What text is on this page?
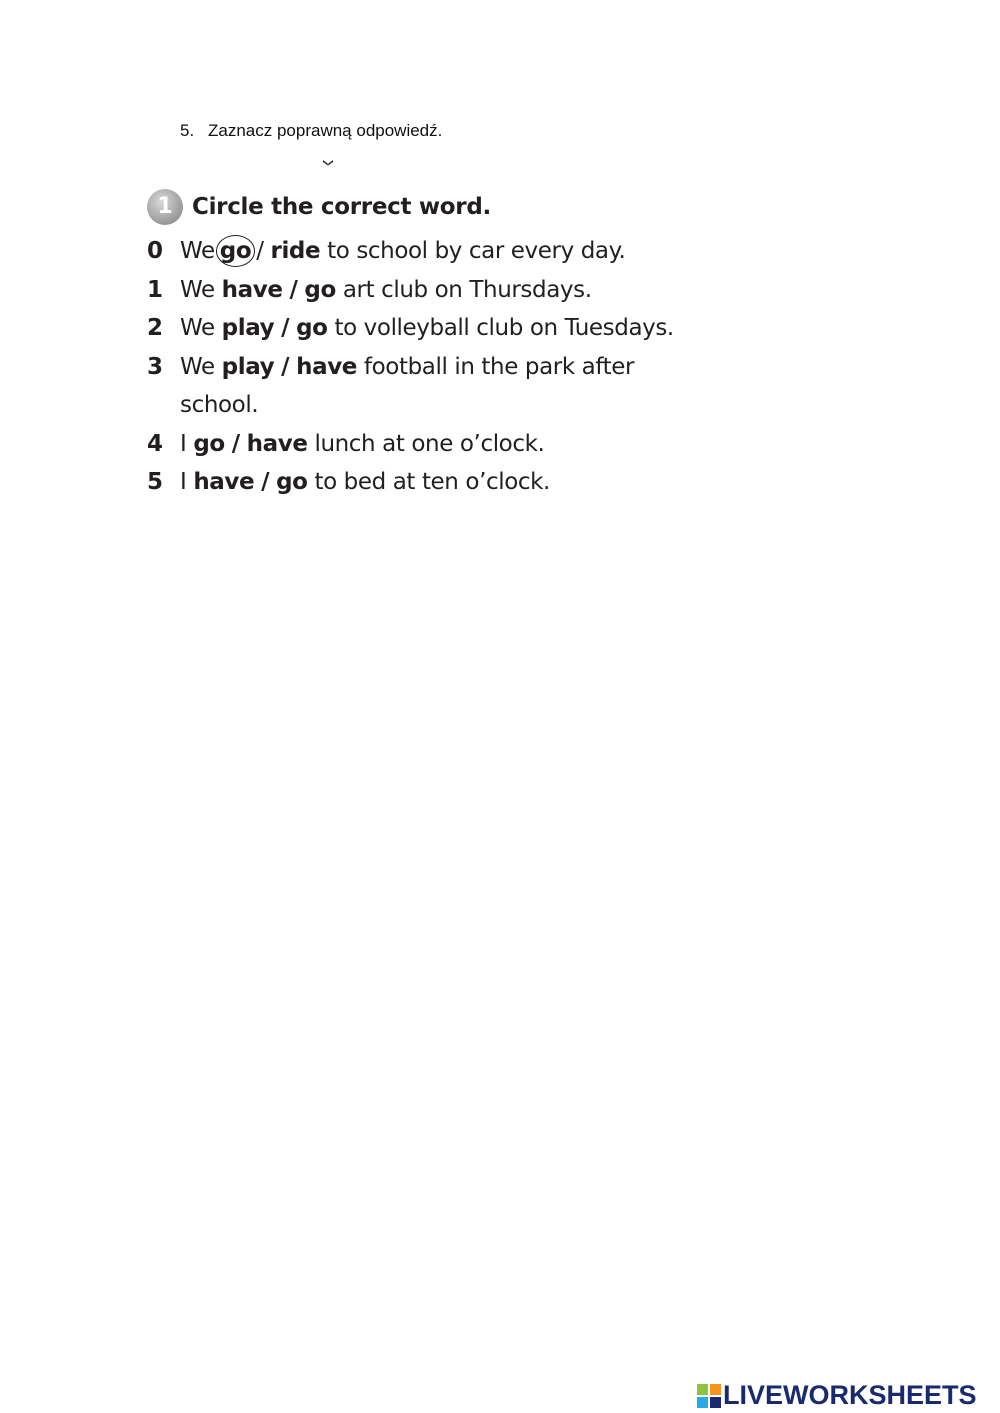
5. Zaznacz poprawną odpowiedź.
1 Circle the correct word.
0 We go / ride to school by car every day.
1 We have / go art club on Thursdays.
2 We play / go to volleyball club on Tuesdays.
3 We play / have football in the park after
school.
4 I go / have lunch at one o’clock.
5 I have / go to bed at ten o’clock.
LIVEWORKSHEETS
